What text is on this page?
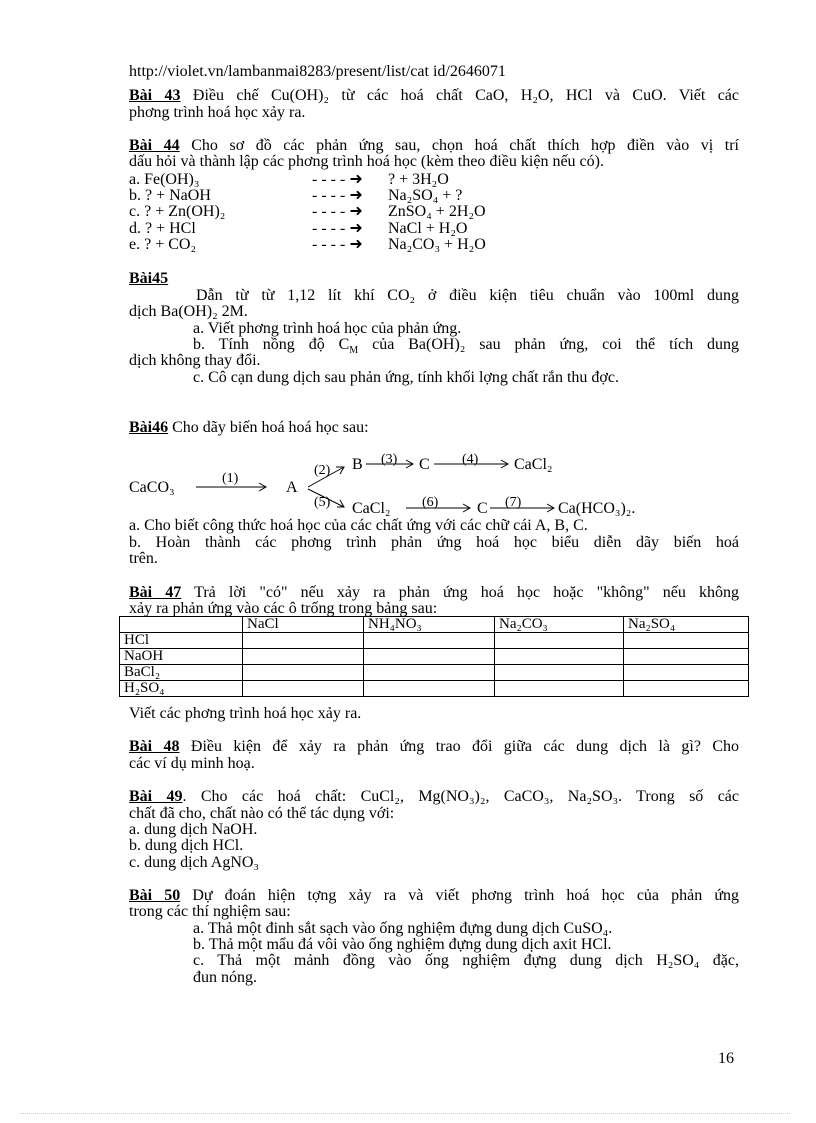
http://violet.vn/lambanmai8283/present/list/cat id/2646071
Bài 43 Điều chế Cu(OH)₂ từ các hoá chất CaO, H₂O, HCl và CuO. Viết các
phơng trình hoá học xảy ra.
Bài 44 Cho sơ đồ các phản ứng sau, chọn hoá chất thích hợp điền vào vị trí
dấu hỏi và thành lập các phơng trình hoá học (kèm theo điều kiện nếu có).
a. Fe(OH)₃	- - - - ➜ ? + 3H₂O
b. ? + NaOH	- - - - ➜ Na₂SO₄ + ?
c. ? + Zn(OH)₂	- - - - ➜ ZnSO₄ + 2H₂O
d. ? + HCl	- - - - ➜ NaCl + H₂O
e. ? + CO₂	- - - - ➜ Na₂CO₃ + H₂O
Bài45
Dẫn từ từ 1,12 lít khí CO₂ ở điều kiện tiêu chuẩn vào 100ml dung
dịch Ba(OH)₂ 2M.
a. Viết phơng trình hoá học của phản ứng.
b. Tính nồng độ $C_M$ của Ba(OH)₂ sau phản ứng, coi thể tích dung
dịch không thay đổi.
c. Cô cạn dung dịch sau phản ứng, tính khối lợng chất rắn thu đợc.
Bài46 Cho dãy biến hoá hoá học sau:
CaCO₃
(1)
A
(2)
(5)
B (3) C (4) CaCl₂
CaCl₂ (6) C (7) Ca(HCO₃)₂.
a. Cho biết công thức hoá học của các chất ứng với các chữ cái A, B, C.
b. Hoàn thành các phơng trình phản ứng hoá học biểu diễn dãy biến hoá
trên.
Bài 47 Trả lời "có" nếu xảy ra phản ứng hoá học hoặc "không" nếu không
xảy ra phản ứng vào các ô trống trong bảng sau:
	NaCl	NH₄NO₃	Na₂CO₃	Na₂SO₄
HCl				
NaOH				
BaCl₂				
H₂SO₄				
Viết các phơng trình hoá học xảy ra.
Bài 48 Điều kiện để xảy ra phản ứng trao đổi giữa các dung dịch là gì? Cho
các ví dụ minh hoạ.
Bài 49. Cho các hoá chất: CuCl₂, Mg(NO₃)₂, CaCO₃, Na₂SO₃. Trong số các
chất đã cho, chất nào có thể tác dụng với:
a. dung dịch NaOH.
b. dung dịch HCl.
c. dung dịch AgNO₃
Bài 50 Dự đoán hiện tợng xảy ra và viết phơng trình hoá học của phản ứng
trong các thí nghiệm sau:
a. Thả một đinh sắt sạch vào ống nghiệm đựng dung dịch CuSO₄.
b. Thả một mẩu đá vôi vào ống nghiệm đựng dung dịch axit HCl.
c. Thả một mảnh đồng vào ống nghiệm đựng dung dịch H₂SO₄ đặc,
đun nóng.
16
